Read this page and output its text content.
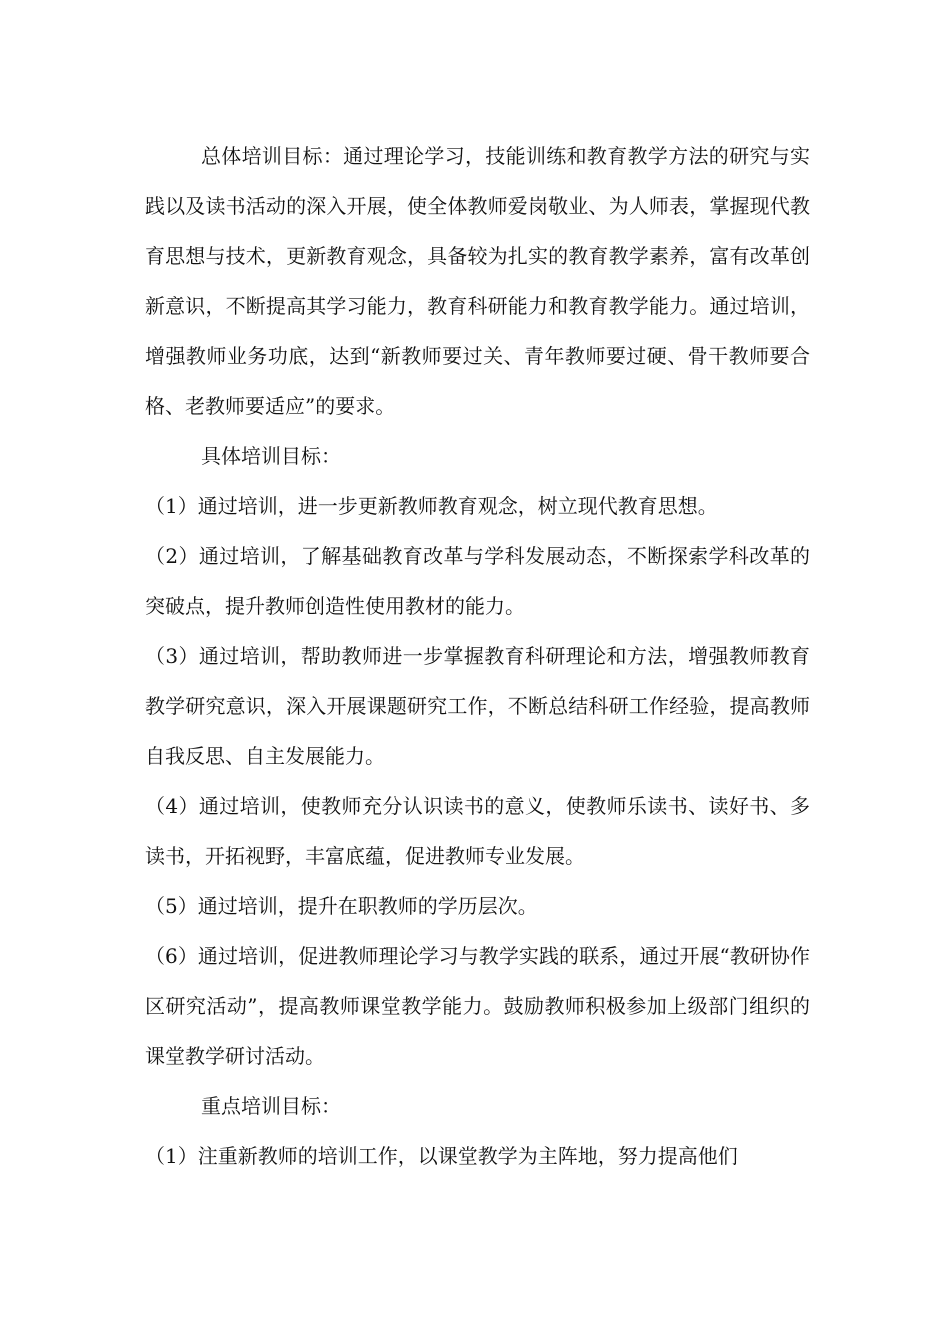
总体培训目标：通过理论学习，技能训练和教育教学方法的研究与实践以及读书活动的深入开展，使全体教师爱岗敬业、为人师表，掌握现代教育思想与技术，更新教育观念，具备较为扎实的教育教学素养，富有改革创新意识，不断提高其学习能力，教育科研能力和教育教学能力。通过培训，增强教师业务功底，达到“新教师要过关、青年教师要过硬、骨干教师要合格、老教师要适应”的要求。

具体培训目标：

（1）通过培训，进一步更新教师教育观念，树立现代教育思想。

（2）通过培训，了解基础教育改革与学科发展动态，不断探索学科改革的突破点，提升教师创造性使用教材的能力。

（3）通过培训，帮助教师进一步掌握教育科研理论和方法，增强教师教育教学研究意识，深入开展课题研究工作，不断总结科研工作经验，提高教师自我反思、自主发展能力。

（4）通过培训，使教师充分认识读书的意义，使教师乐读书、读好书、多读书，开拓视野，丰富底蕴，促进教师专业发展。

（5）通过培训，提升在职教师的学历层次。

（6）通过培训，促进教师理论学习与教学实践的联系，通过开展“教研协作区研究活动”，提高教师课堂教学能力。鼓励教师积极参加上级部门组织的课堂教学研讨活动。

重点培训目标：

（1）注重新教师的培训工作，以课堂教学为主阵地，努力提高他们
